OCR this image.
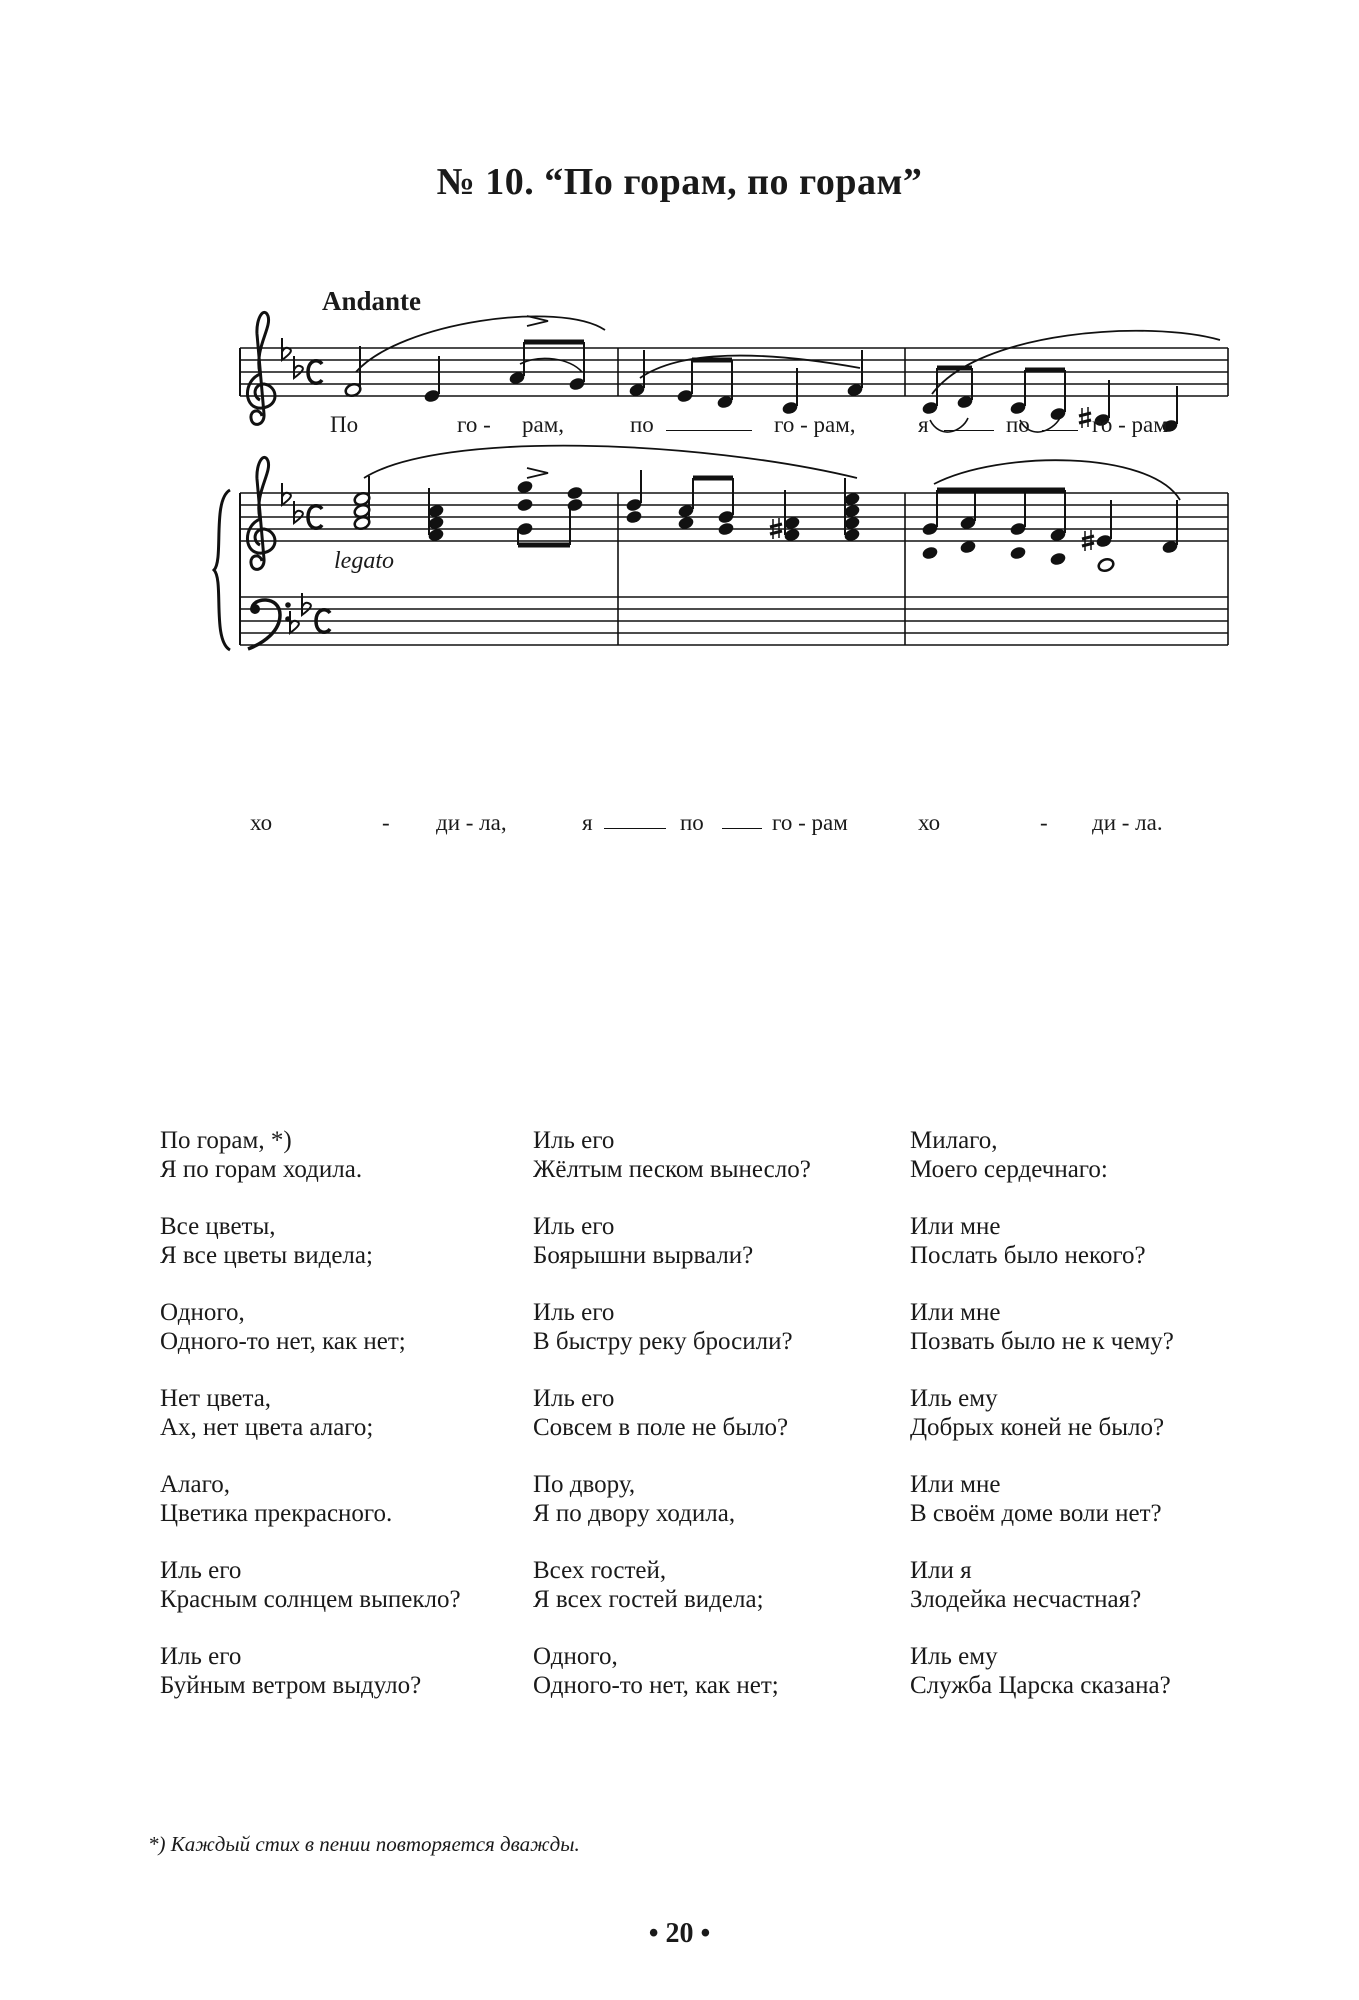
№ 10. “По горам, по горам”
Andante
legato
По	го - рам,	по	го - рам,	я	по	го - рам
хо	- ди - ла,	я	по	го - рам	хо	- ди - ла.
По горам, *)
Я по горам ходила.
Все цветы,
Я все цветы видела;
Одного,
Одного-то нет, как нет;
Нет цвета,
Ах, нет цвета алаго;
Алаго,
Цветика прекрасного.
Иль его
Красным солнцем выпекло?
Иль его
Буйным ветром выдуло?
Иль его
Жёлтым песком вынесло?
Иль его
Боярышни вырвали?
Иль его
В быстру реку бросили?
Иль его
Совсем в поле не было?
По двору,
Я по двору ходила,
Всех гостей,
Я всех гостей видела;
Одного,
Одного-то нет, как нет;
Милаго,
Моего сердечнаго:
Или мне
Послать было некого?
Или мне
Позвать было не к чему?
Иль ему
Добрых коней не было?
Или мне
В своём доме воли нет?
Или я
Злодейка несчастная?
Иль ему
Служба Царска сказана?
*) Каждый стих в пении повторяется дважды.
• 20 •
